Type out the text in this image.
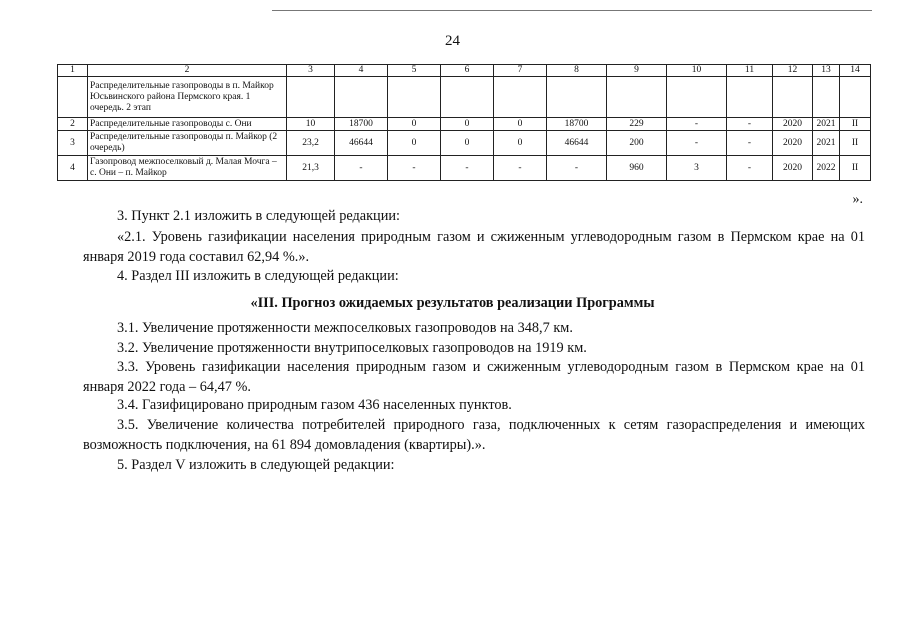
24
1	2	3	4	5	6	7	8	9	10	11	12	13	14
	Распределительные газопроводы в п. Майкор Юсьвинского района Пермского края. 1 очередь. 2 этап												
2	Распределительные газопроводы с. Они	10	18700	0	0	0	18700	229	-	-	2020	2021	II
3	Распределительные газопроводы п. Майкор (2 очередь)	23,2	46644	0	0	0	46644	200	-	-	2020	2021	II
4	Газопровод межпоселковый д. Малая Мочга – с. Они – п. Майкор	21,3	-	-	-	-	-	960	3	-	2020	2022	II
».
3. Пункт 2.1 изложить в следующей редакции:
«2.1. Уровень газификации населения природным газом и сжиженным углеводородным газом в Пермском крае на 01 января 2019 года составил 62,94 %.».
4. Раздел III изложить в следующей редакции:
«III. Прогноз ожидаемых результатов реализации Программы
3.1. Увеличение протяженности межпоселковых газопроводов на 348,7 км.
3.2. Увеличение протяженности внутрипоселковых газопроводов на 1919 км.
3.3. Уровень газификации населения природным газом и сжиженным углеводородным газом в Пермском крае на 01 января 2022 года – 64,47 %.
3.4. Газифицировано природным газом 436 населенных пунктов.
3.5. Увеличение количества потребителей природного газа, подключенных к сетям газораспределения и имеющих возможность подключения, на 61 894 домовладения (квартиры).».
5. Раздел V изложить в следующей редакции:
